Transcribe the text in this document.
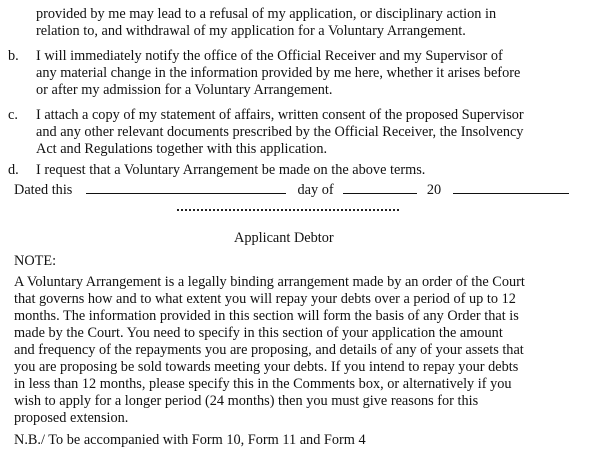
provided by me may lead to a refusal of my application, or disciplinary action in
relation to, and withdrawal of my application for a Voluntary Arrangement.
b. I will immediately notify the office of the Official Receiver and my Supervisor of
any material change in the information provided by me here, whether it arises before
or after my admission for a Voluntary Arrangement.
c. I attach a copy of my statement of affairs, written consent of the proposed Supervisor
and any other relevant documents prescribed by the Official Receiver, the Insolvency
Act and Regulations together with this application.
d. I request that a Voluntary Arrangement be made on the above terms.
Dated this	day of	20
Applicant Debtor
NOTE:
A Voluntary Arrangement is a legally binding arrangement made by an order of the Court
that governs how and to what extent you will repay your debts over a period of up to 12
months. The information provided in this section will form the basis of any Order that is
made by the Court. You need to specify in this section of your application the amount
and frequency of the repayments you are proposing, and details of any of your assets that
you are proposing be sold towards meeting your debts. If you intend to repay your debts
in less than 12 months, please specify this in the Comments box, or alternatively if you
wish to apply for a longer period (24 months) then you must give reasons for this
proposed extension.
N.B./ To be accompanied with Form 10, Form 11 and Form 4
